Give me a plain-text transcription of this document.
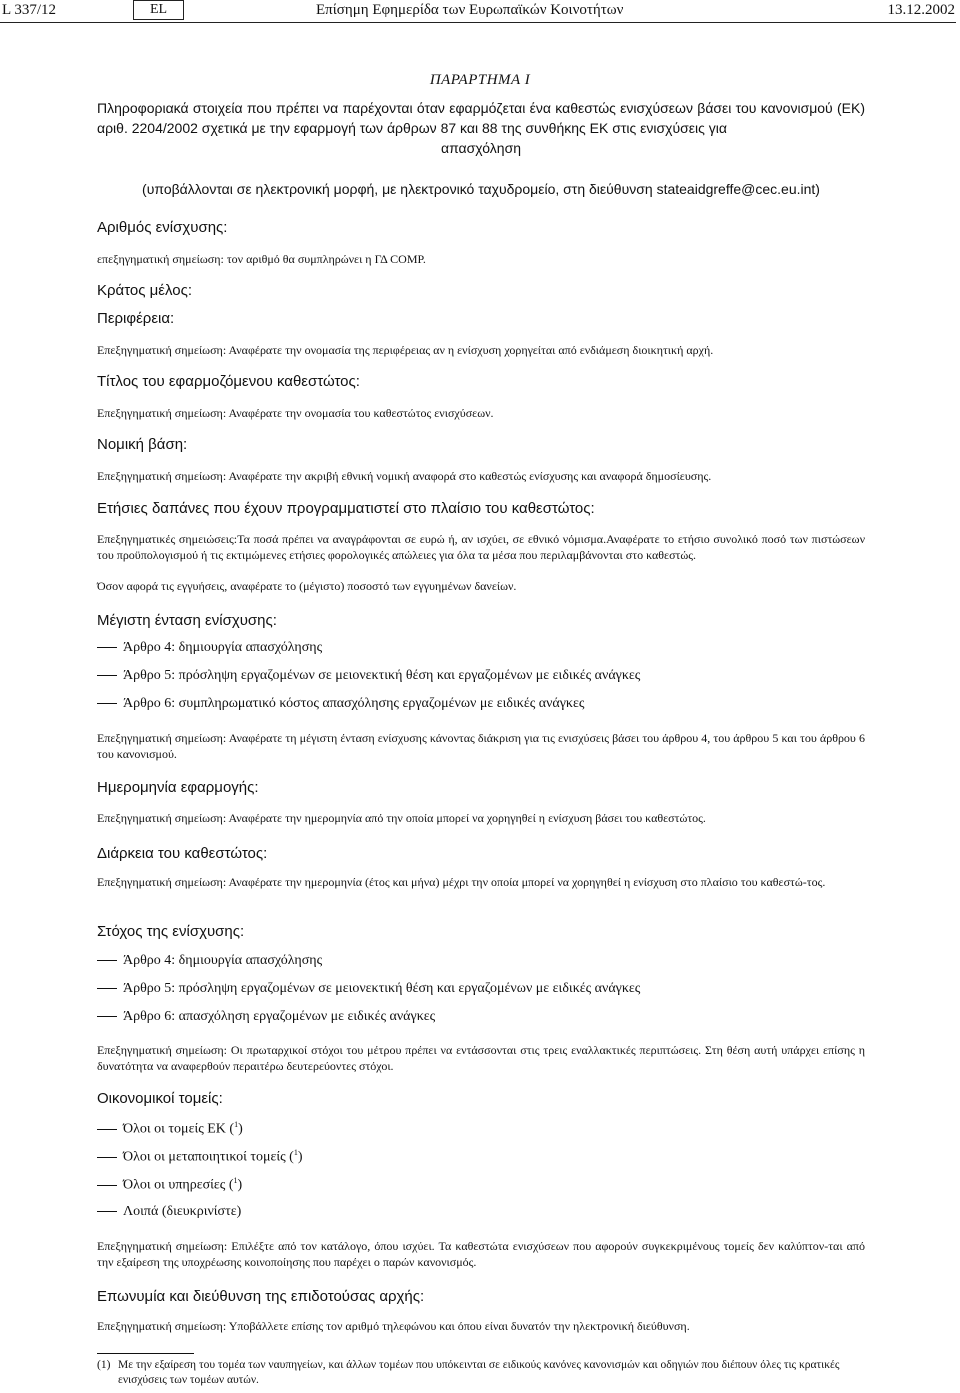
L 337/12	EL	Επίσημη Εφημερίδα των Ευρωπαϊκών Κοινοτήτων	13.12.2002
ΠΑΡΑΡΤΗΜΑ I
Πληροφοριακά στοιχεία που πρέπει να παρέχονται όταν εφαρμόζεται ένα καθεστώς ενισχύσεων βάσει του κανονισμού (ΕΚ) αριθ. 2204/2002 σχετικά με την εφαρμογή των άρθρων 87 και 88 της συνθήκης ΕΚ στις ενισχύσεις για
απασχόληση
(υποβάλλονται σε ηλεκτρονική μορφή, με ηλεκτρονικό ταχυδρομείο, στη διεύθυνση stateaidgreffe@cec.eu.int)
Αριθμός ενίσχυσης:
επεξηγηματική σημείωση: τον αριθμό θα συμπληρώνει η ΓΔ COMP.
Κράτος μέλος:
Περιφέρεια:
Επεξηγηματική σημείωση: Αναφέρατε την ονομασία της περιφέρειας αν η ενίσχυση χορηγείται από ενδιάμεση διοικητική αρχή.
Τίτλος του εφαρμοζόμενου καθεστώτος:
Επεξηγηματική σημείωση: Αναφέρατε την ονομασία του καθεστώτος ενισχύσεων.
Νομική βάση:
Επεξηγηματική σημείωση: Αναφέρατε την ακριβή εθνική νομική αναφορά στο καθεστώς ενίσχυσης και αναφορά δημοσίευσης.
Ετήσιες δαπάνες που έχουν προγραμματιστεί στο πλαίσιο του καθεστώτος:
Επεξηγηματικές σημειώσεις:Τα ποσά πρέπει να αναγράφονται σε ευρώ ή, αν ισχύει, σε εθνικό νόμισμα.Αναφέρατε το ετήσιο συνολικό ποσό των πιστώσεων του προϋπολογισμού ή τις εκτιμώμενες ετήσιες φορολογικές απώλειες για όλα τα μέσα που περιλαμβάνονται στο καθεστώς.
Όσον αφορά τις εγγυήσεις, αναφέρατε το (μέγιστο) ποσοστό των εγγυημένων δανείων.
Μέγιστη ένταση ενίσχυσης:
Άρθρο 4: δημιουργία απασχόλησης
Άρθρο 5: πρόσληψη εργαζομένων σε μειονεκτική θέση και εργαζομένων με ειδικές ανάγκες
Άρθρο 6: συμπληρωματικό κόστος απασχόλησης εργαζομένων με ειδικές ανάγκες
Επεξηγηματική σημείωση: Αναφέρατε τη μέγιστη ένταση ενίσχυσης κάνοντας διάκριση για τις ενισχύσεις βάσει του άρθρου 4, του άρθρου 5 και του άρθρου 6 του κανονισμού.
Ημερομηνία εφαρμογής:
Επεξηγηματική σημείωση: Αναφέρατε την ημερομηνία από την οποία μπορεί να χορηγηθεί η ενίσχυση βάσει του καθεστώτος.
Διάρκεια του καθεστώτος:
Επεξηγηματική σημείωση: Αναφέρατε την ημερομηνία (έτος και μήνα) μέχρι την οποία μπορεί να χορηγηθεί η ενίσχυση στο πλαίσιο του καθεστώ-τος.
Στόχος της ενίσχυσης:
Άρθρο 4: δημιουργία απασχόλησης
Άρθρο 5: πρόσληψη εργαζομένων σε μειονεκτική θέση και εργαζομένων με ειδικές ανάγκες
Άρθρο 6: απασχόληση εργαζομένων με ειδικές ανάγκες
Επεξηγηματική σημείωση: Οι πρωταρχικοί στόχοι του μέτρου πρέπει να εντάσσονται στις τρεις εναλλακτικές περιπτώσεις. Στη θέση αυτή υπάρχει επίσης η δυνατότητα να αναφερθούν περαιτέρω δευτερεύοντες στόχοι.
Οικονομικοί τομείς:
Όλοι οι τομείς ΕΚ ($^1$)
Όλοι οι μεταποιητικοί τομείς ($^1$)
Όλοι οι υπηρεσίες ($^1$)
Λοιπά (διευκρινίστε)
Επεξηγηματική σημείωση: Επιλέξτε από τον κατάλογο, όπου ισχύει. Τα καθεστώτα ενισχύσεων που αφορούν συγκεκριμένους τομείς δεν καλύπτον-ται από την εξαίρεση της υποχρέωσης κοινοποίησης που παρέχει ο παρών κανονισμός.
Επωνυμία και διεύθυνση της επιδοτούσας αρχής:
Επεξηγηματική σημείωση: Υποβάλλετε επίσης τον αριθμό τηλεφώνου και όπου είναι δυνατόν την ηλεκτρονική διεύθυνση.
(1) Με την εξαίρεση του τομέα των ναυπηγείων, και άλλων τομέων που υπόκεινται σε ειδικούς κανόνες κανονισμών και οδηγιών που διέπουν όλες τις κρατικές ενισχύσεις των τομέων αυτών.
